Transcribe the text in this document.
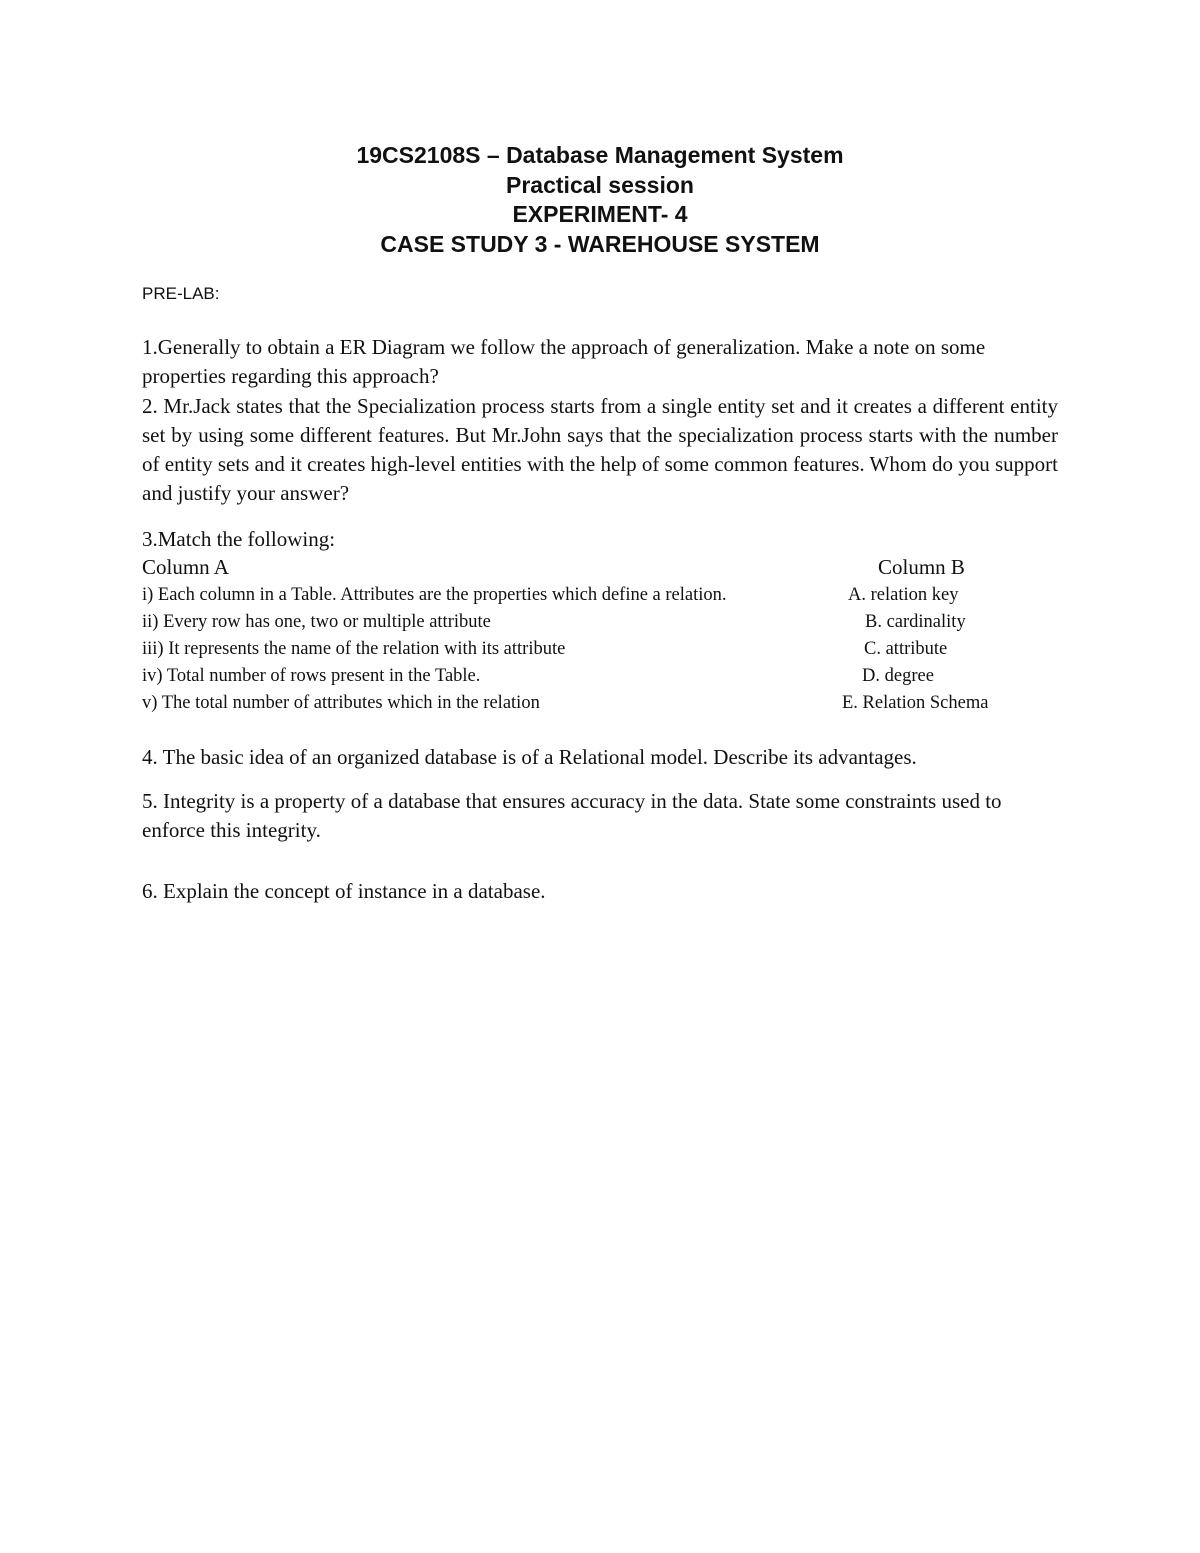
19CS2108S – Database Management System
Practical session
EXPERIMENT- 4
CASE STUDY 3 - WAREHOUSE SYSTEM
PRE-LAB:
1.Generally to obtain a ER Diagram we follow the approach of generalization. Make a note on some properties regarding this approach?
2. Mr.Jack states that the Specialization process starts from a single entity set and it creates a different entity set by using some different features. But Mr.John says that the specialization process starts with the number of entity sets and it creates high-level entities with the help of some common features. Whom do you support and justify your answer?
3.Match the following:
Column A	Column B
i) Each column in a Table. Attributes are the properties which define a relation.	A. relation key
ii) Every row has one, two or multiple attribute	B. cardinality
iii) It represents the name of the relation with its attribute	C. attribute
iv) Total number of rows present in the Table.	D. degree
v) The total number of attributes which in the relation	E. Relation Schema
4. The basic idea of an organized database is of a Relational model. Describe its advantages.
5. Integrity is a property of a database that ensures accuracy in the data. State some constraints used to enforce this integrity.
6. Explain the concept of instance in a database.
